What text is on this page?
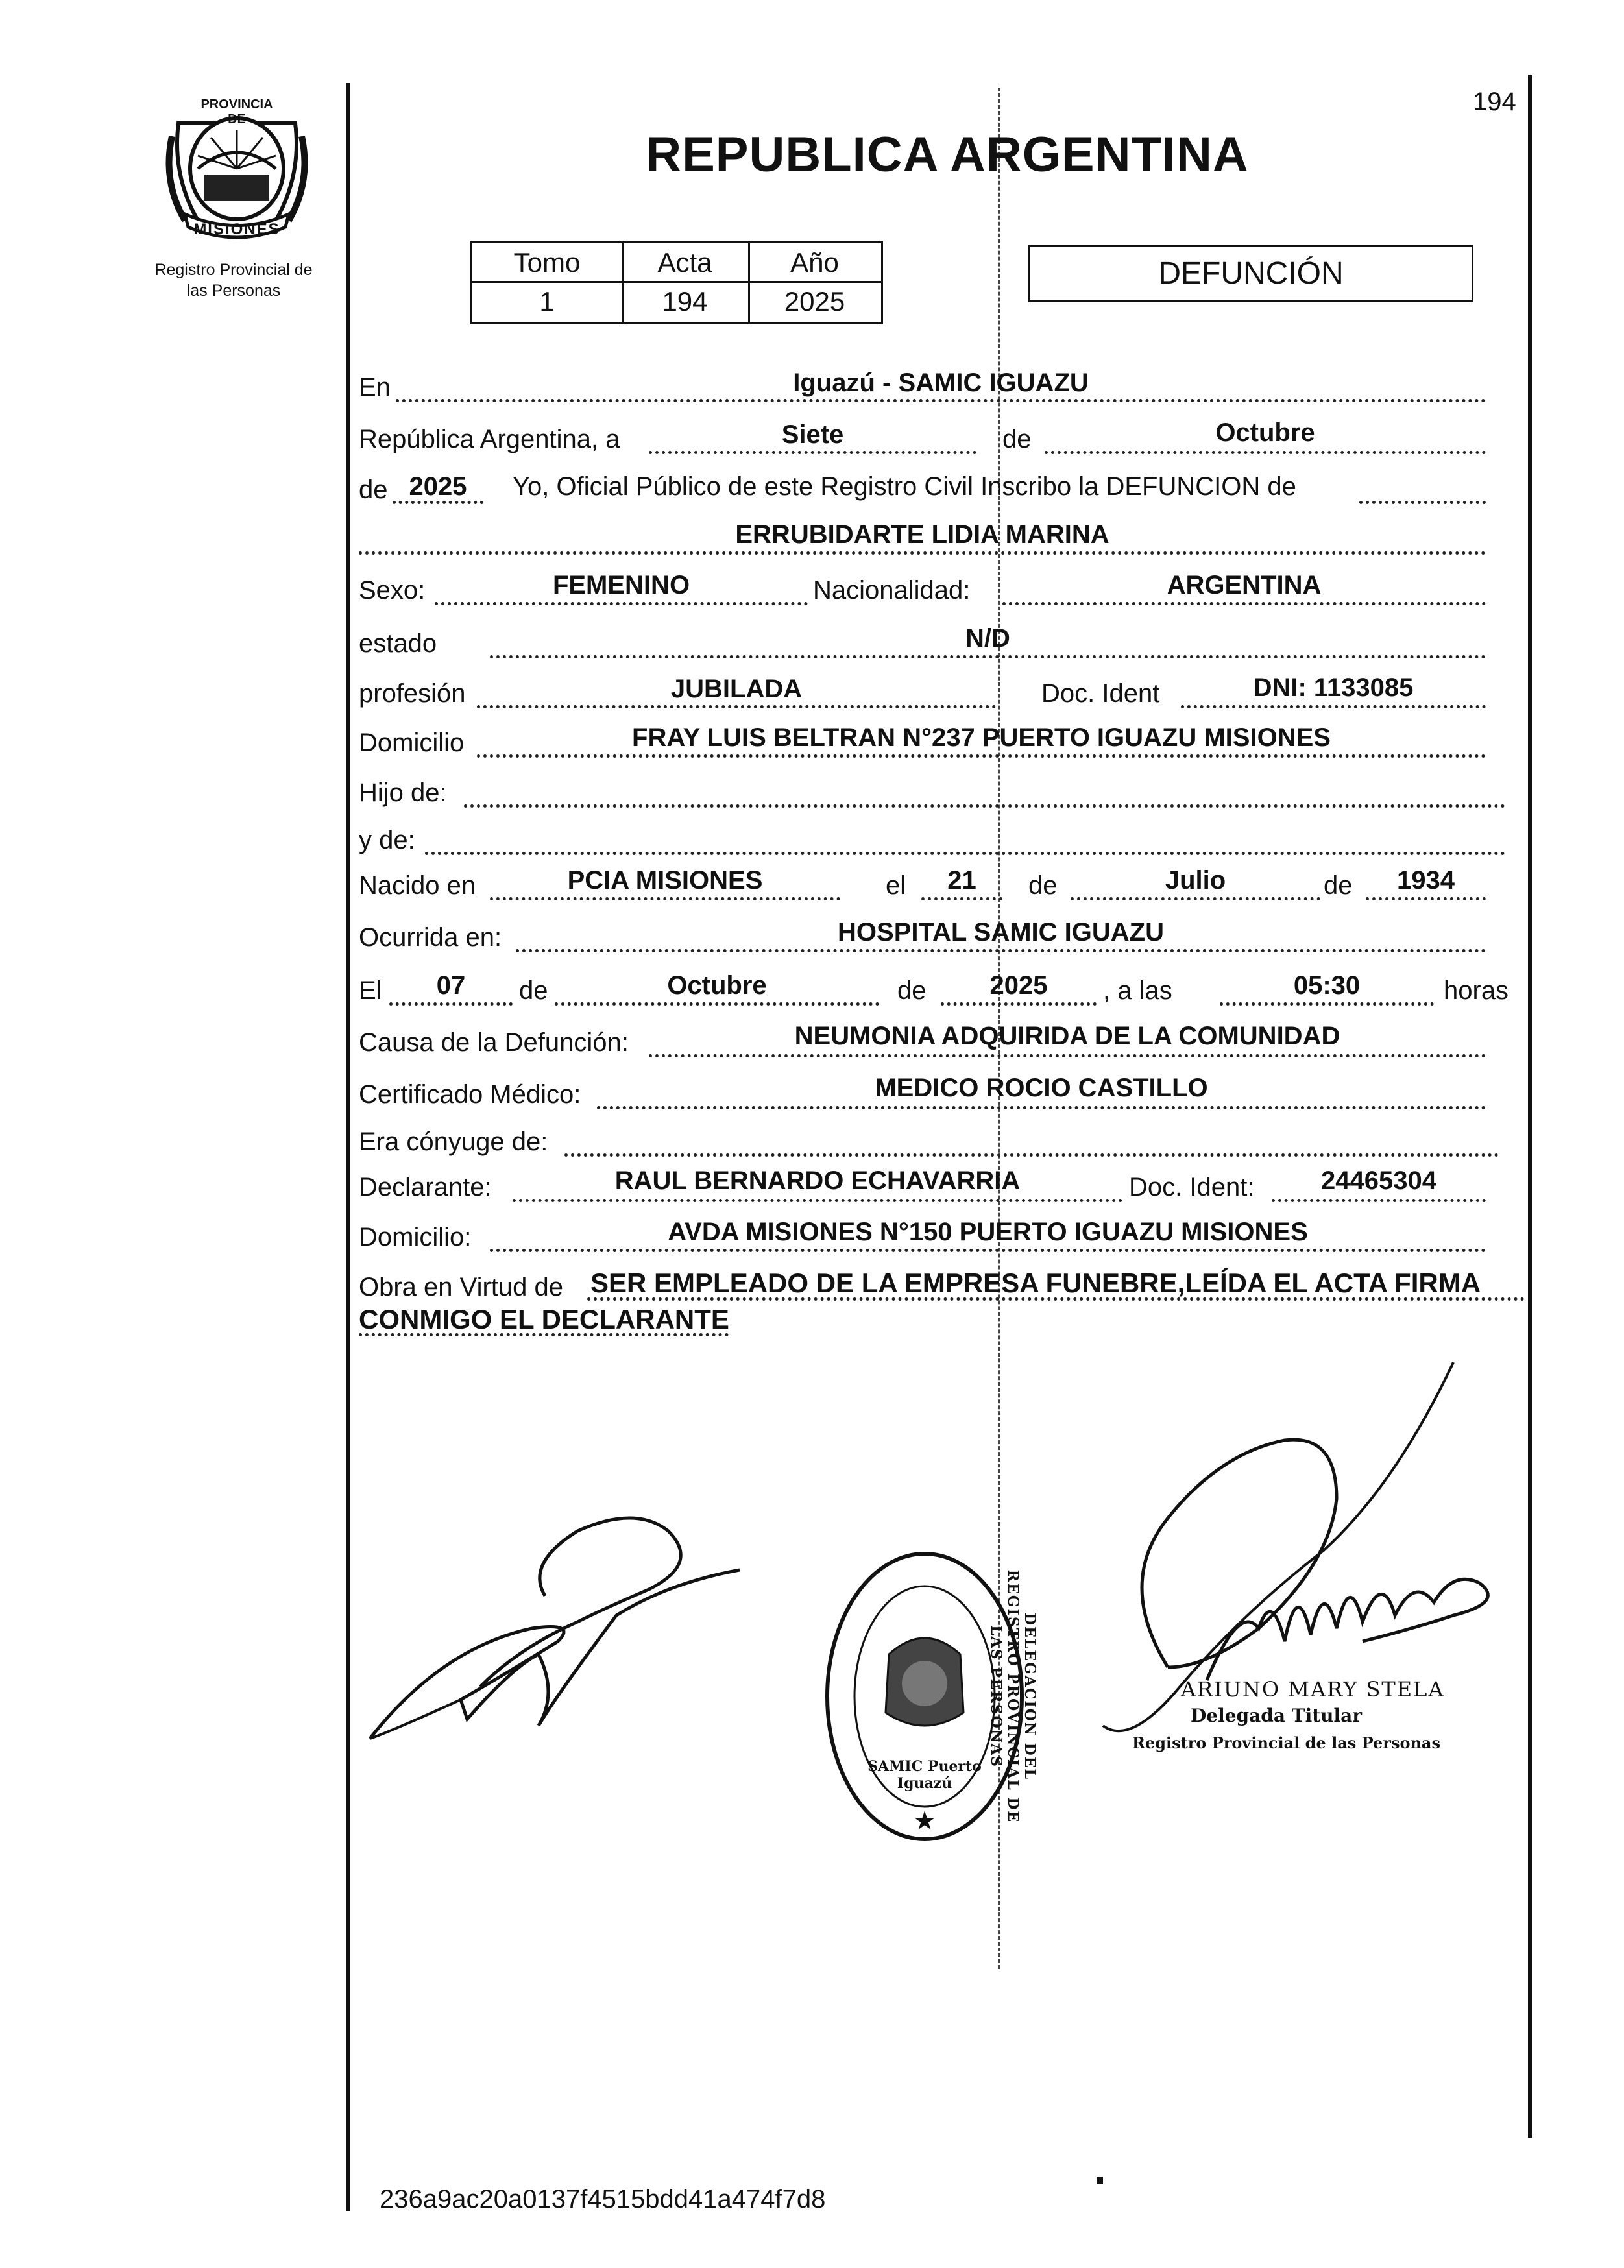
194
PROVINCIA DE
MISIONES
Registro Provincial de
las Personas
REPUBLICA ARGENTINA
Tomo	Acta	Año
1	194	2025
DEFUNCIÓN
En	Iguazú - SAMIC IGUAZU
República Argentina, a	Siete	de	Octubre
de 2025	Yo, Oficial Público de este Registro Civil Inscribo la DEFUNCION de
ERRUBIDARTE LIDIA MARINA
Sexo:	FEMENINO	Nacionalidad:	ARGENTINA
estado	N/D
profesión	JUBILADA	Doc. Ident	DNI: 1133085
Domicilio	FRAY LUIS BELTRAN N°237 PUERTO IGUAZU MISIONES
Hijo de:
y de:
Nacido en	PCIA MISIONES	el	21	de	Julio	de	1934
Ocurrida en:	HOSPITAL SAMIC IGUAZU
El	07	de	Octubre	de	2025	, a las	05:30	horas
Causa de la Defunción:	NEUMONIA ADQUIRIDA DE LA COMUNIDAD
Certificado Médico:	MEDICO ROCIO CASTILLO
Era cónyuge de:
Declarante:	RAUL BERNARDO ECHAVARRIA	Doc. Ident:	24465304
Domicilio:	AVDA MISIONES N°150 PUERTO IGUAZU MISIONES
Obra en Virtud de SER EMPLEADO DE LA EMPRESA FUNEBRE,LEÍDA EL ACTA FIRMA
CONMIGO EL DECLARANTE
★
DELEGACION DEL REGISTRO PROVINCIAL DE LAS PERSONAS
SAMIC Puerto Iguazú
ARIUNO MARY STELA
Delegada Titular
Registro Provincial de las Personas
236a9ac20a0137f4515bdd41a474f7d8
